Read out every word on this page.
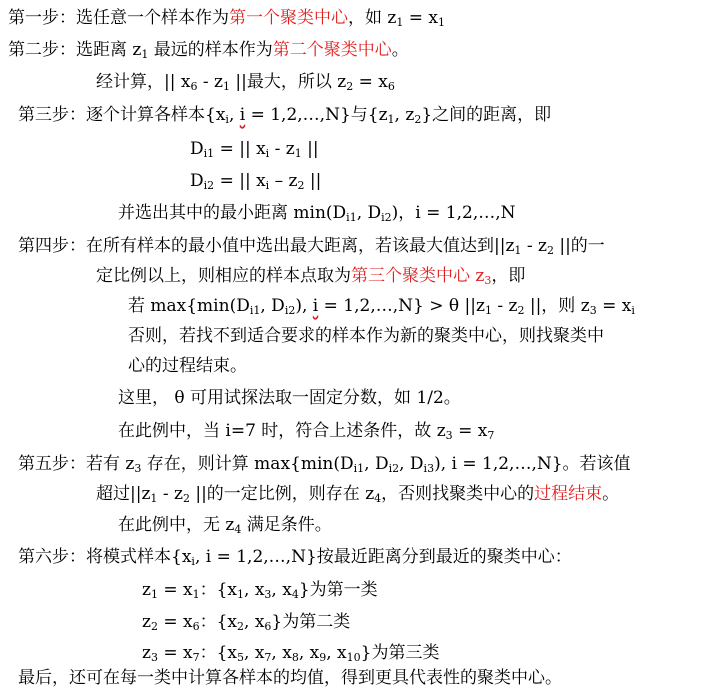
第一步：选任意一个样本作为第一个聚类中心，如 $z_1 = x_1$
第二步：选距离 $z_1$ 最远的样本作为第二个聚类中心。
经计算，|| $x_6 - z_1$ ||最大，所以 $z_2 = x_6$
第三步：逐个计算各样本{$x_i$, i = 1,2,…,N}与{$z_1$, $z_2$}之间的距离，即
$D_{i1}$ = || $x_i - z_1$ ||
$D_{i2}$ = || $x_i - z_2$ ||
并选出其中的最小距离 $\min(D_{i1}$, $D_{i2}$)，i = 1,2,…,N
第四步：在所有样本的最小值中选出最大距离，若该最大值达到$||z_1 - z_2$ ||的一
定比例以上，则相应的样本点取为第三个聚类中心 $z_3$，即
若 $\max\{\min(D_{i1}$, $D_{i2}$), i = 1,2,…,N} > θ $||z_1 - z_2$ ||，则 $z_3 = x_i$
否则，若找不到适合要求的样本作为新的聚类中心，则找聚类中
心的过程结束。
这里， θ 可用试探法取一固定分数，如 1/2。
在此例中，当 i=7 时，符合上述条件，故 $z_3 = x_7$
第五步：若有 $z_3$ 存在，则计算 $\max\{\min(D_{i1}$, $D_{i2}$, $D_{i3}$), i = 1,2,…,N}。若该值
超过$||z_1 - z_2$ ||的一定比例，则存在 $z_4$，否则找聚类中心的过程结束。
在此例中，无 $z_4$ 满足条件。
第六步：将模式样本{$x_i$, i = 1,2,…,N}按最近距离分到最近的聚类中心：
$z_1 = x_1$：{$x_1$, $x_3$, $x_4$}为第一类
$z_2 = x_6$：{$x_2$, $x_6$}为第二类
$z_3 = x_7$：{$x_5$, $x_7$, $x_8$, $x_9$, $x_{10}$}为第三类
最后，还可在每一类中计算各样本的均值，得到更具代表性的聚类中心。
